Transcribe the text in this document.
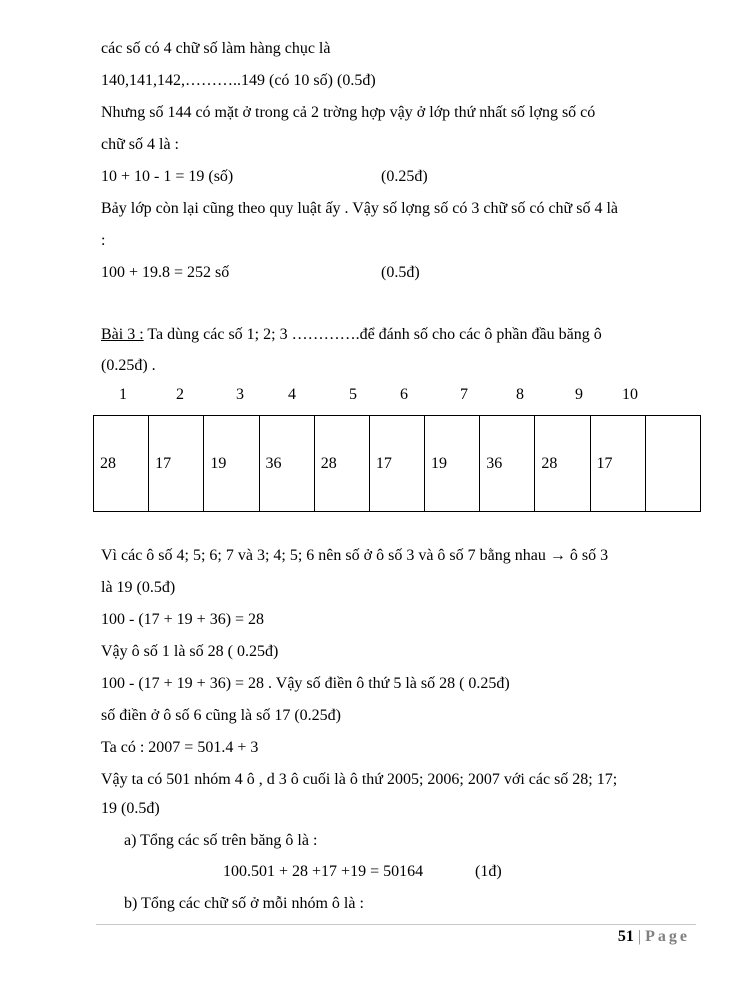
các số có 4 chữ số làm hàng chục là
140,141,142,………..149 (có 10 số) (0.5đ)
Nhưng số 144 có mặt ở trong cả 2 trờng hợp vậy ở lớp thứ nhất số lợng số có
chữ số 4 là :
10 + 10 - 1 = 19 (số)	(0.25đ)
Bảy lớp còn lại cũng theo quy luật ấy . Vậy số lợng số có 3 chữ số có chữ số 4 là
:
100 + 19.8 = 252 số	(0.5đ)
Bài 3 : Ta dùng các số 1; 2; 3 ………….để đánh số cho các ô phần đầu băng ô
(0.25đ) .
1	2	3	4	5	6	7	8	9 10
28	17	19	36	28	17	19	36	28	17	
Vì các ô số 4; 5; 6; 7 và 3; 4; 5; 6 nên số ở ô số 3 và ô số 7 bằng nhau → ô số 3
là 19 (0.5đ)
100 - (17 + 19 + 36) = 28
Vậy ô số 1 là số 28 ( 0.25đ)
100 - (17 + 19 + 36) = 28 . Vậy số điền ô thứ 5 là số 28 ( 0.25đ)
số điền ở ô số 6 cũng là số 17 (0.25đ)
Ta có : 2007 = 501.4 + 3
Vậy ta có 501 nhóm 4 ô , d 3 ô cuối là ô thứ 2005; 2006; 2007 với các số 28; 17;
19 (0.5đ)
a) Tổng các số trên băng ô là :
100.501 + 28 +17 +19 = 50164	(1đ)
b) Tổng các chữ số ở mỗi nhóm ô là :
51 | Page
